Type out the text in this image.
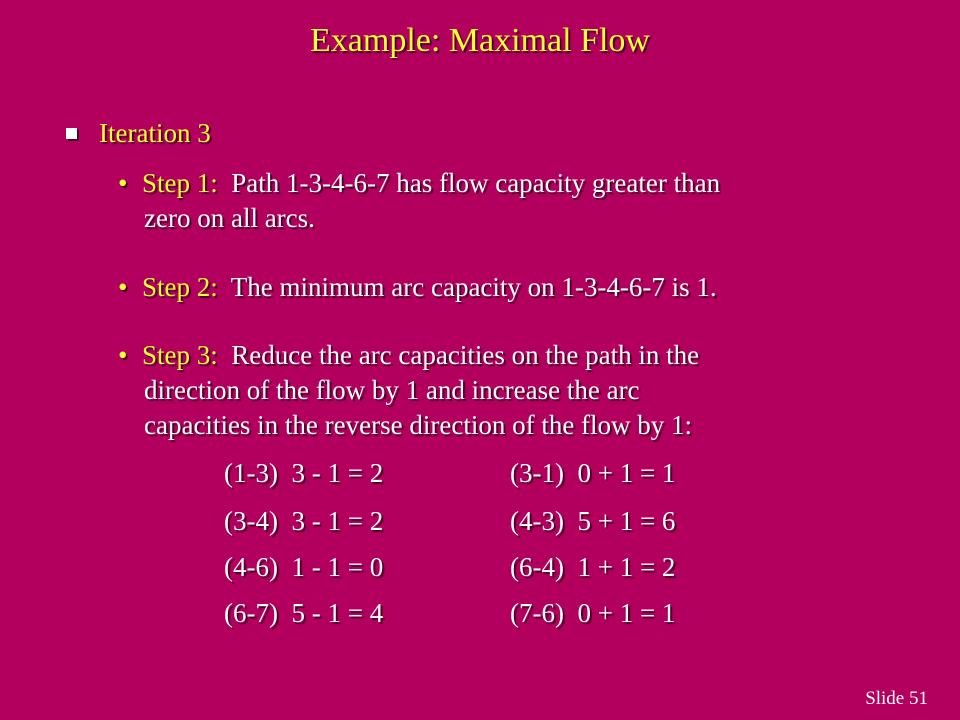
Example: Maximal Flow
Iteration 3
• Step 1:  Path 1-3-4-6-7 has flow capacity greater than
zero on all arcs.
• Step 2:  The minimum arc capacity on 1-3-4-6-7 is 1.
• Step 3:  Reduce the arc capacities on the path in the
direction of the flow by 1 and increase the arc
capacities in the reverse direction of the flow by 1:
(1-3)  3 - 1 = 2	(3-1)  0 + 1 = 1
(3-4)  3 - 1 = 2	(4-3)  5 + 1 = 6
(4-6)  1 - 1 = 0	(6-4)  1 + 1 = 2
(6-7)  5 - 1 = 4	(7-6)  0 + 1 = 1
Slide 51
